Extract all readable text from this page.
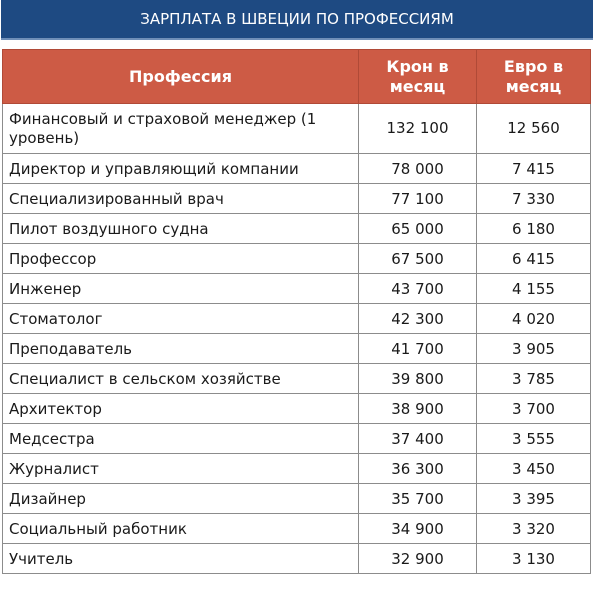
ЗАРПЛАТА В ШВЕЦИИ ПО ПРОФЕССИЯМ
Профессия	Крон в месяц	Евро в месяц
Финансовый и страховой менеджер (1 уровень)	132 100	12 560
Директор и управляющий компании	78 000	7 415
Специализированный врач	77 100	7 330
Пилот воздушного судна	65 000	6 180
Профессор	67 500	6 415
Инженер	43 700	4 155
Стоматолог	42 300	4 020
Преподаватель	41 700	3 905
Специалист в сельском хозяйстве	39 800	3 785
Архитектор	38 900	3 700
Медсестра	37 400	3 555
Журналист	36 300	3 450
Дизайнер	35 700	3 395
Социальный работник	34 900	3 320
Учитель	32 900	3 130
